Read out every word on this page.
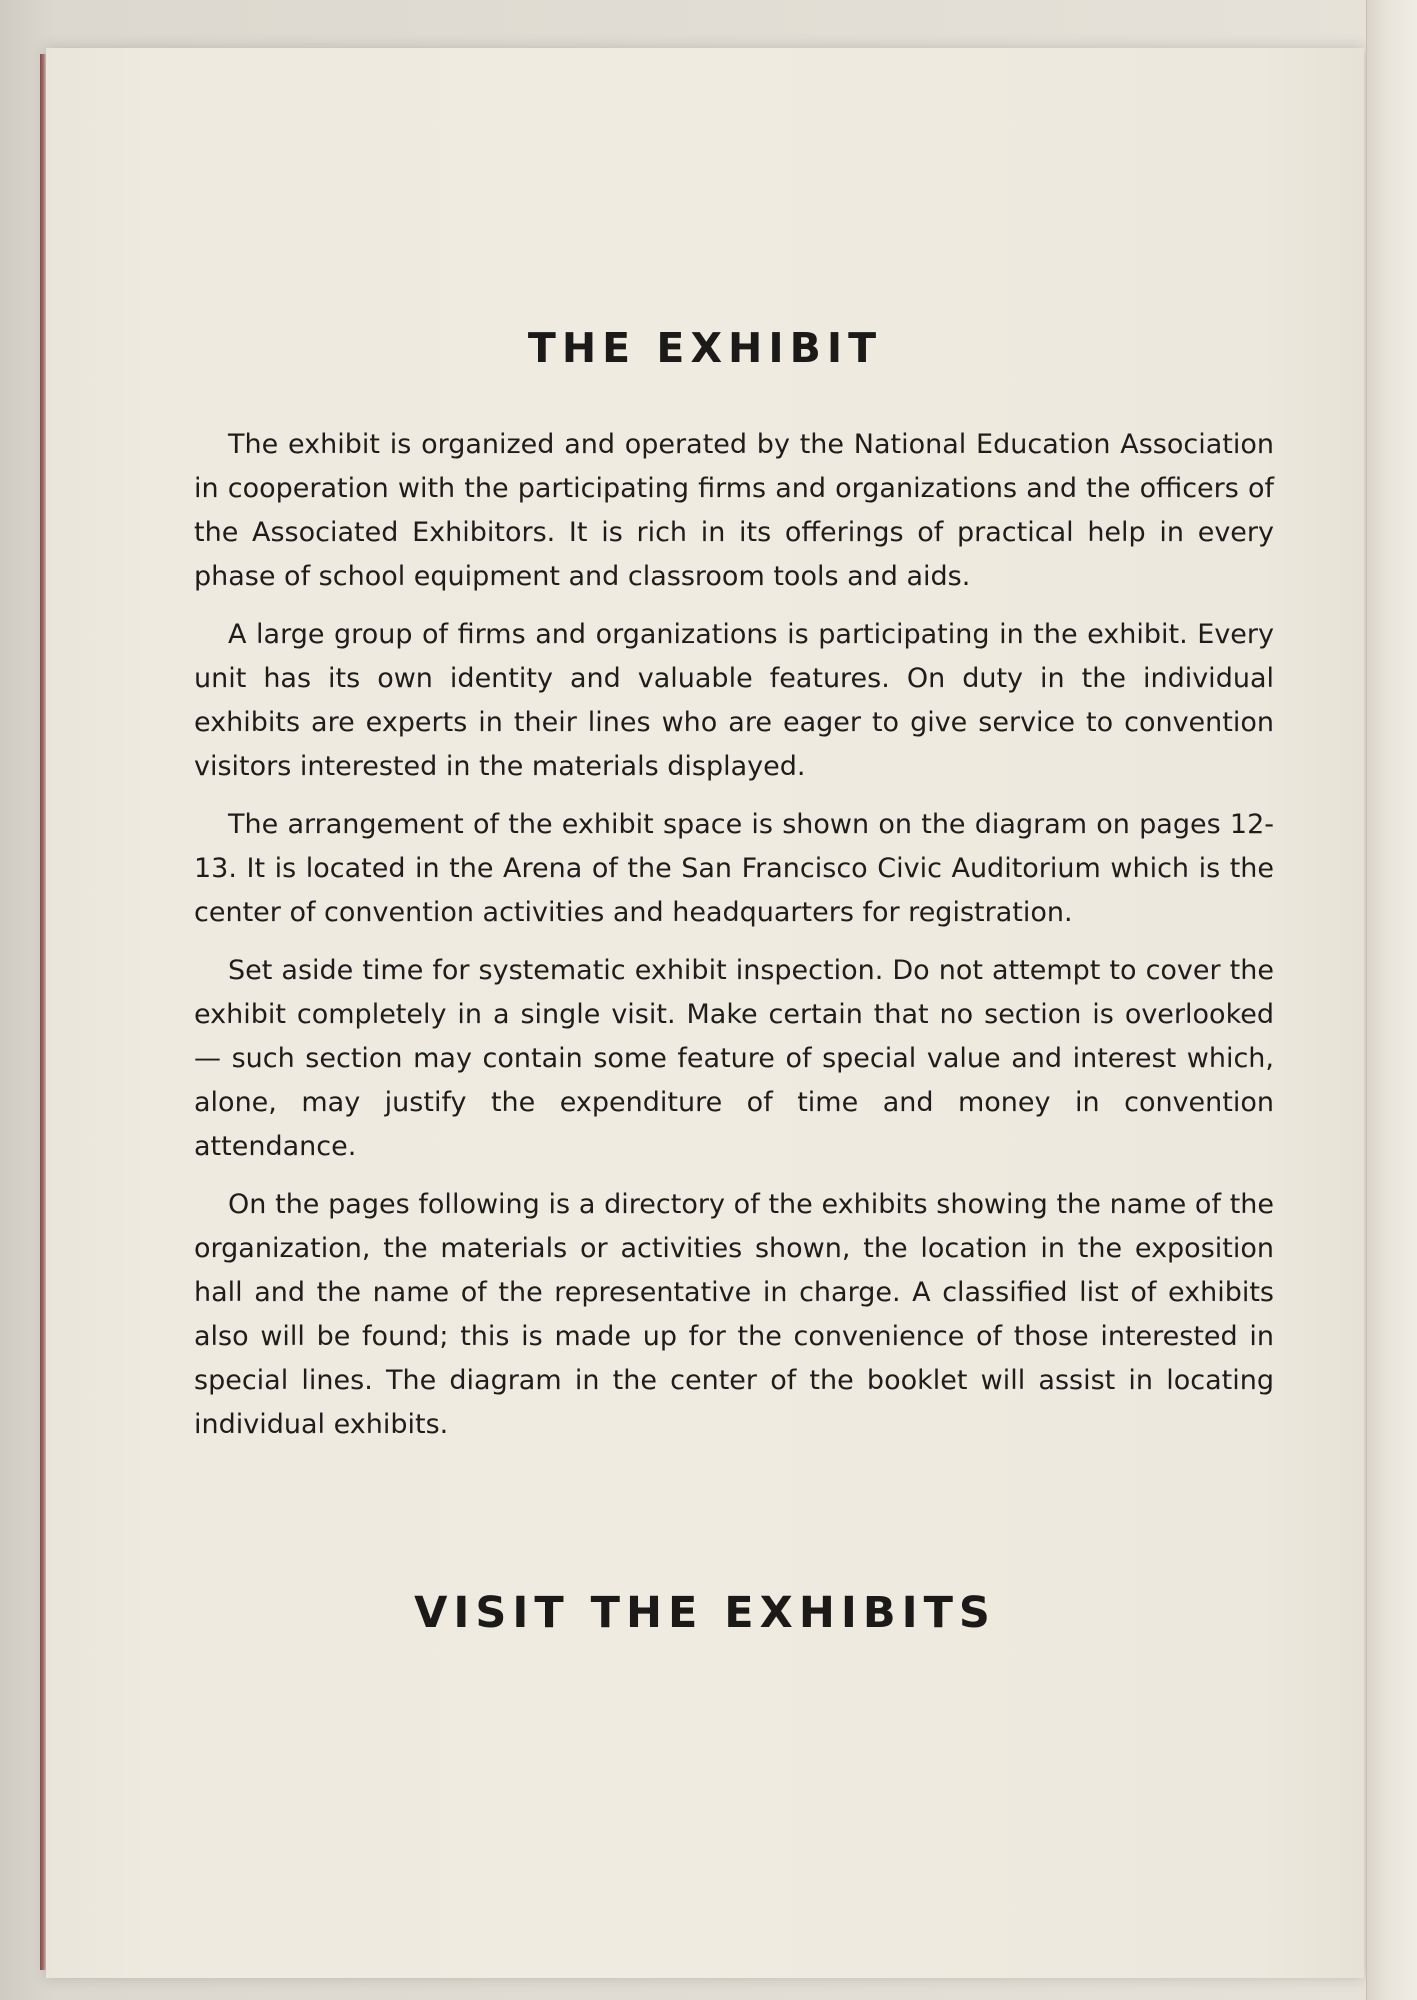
THE EXHIBIT

The exhibit is organized and operated by the National Education Association in cooperation with the participating firms and organizations and the officers of the Associated Exhibitors. It is rich in its offerings of practical help in every phase of school equipment and classroom tools and aids.

A large group of firms and organizations is participating in the exhibit. Every unit has its own identity and valuable features. On duty in the individual exhibits are experts in their lines who are eager to give service to convention visitors interested in the materials displayed.

The arrangement of the exhibit space is shown on the diagram on pages 12-13. It is located in the Arena of the San Francisco Civic Auditorium which is the center of convention activities and headquarters for registration.

Set aside time for systematic exhibit inspection. Do not attempt to cover the exhibit completely in a single visit. Make certain that no section is overlooked — such section may contain some feature of special value and interest which, alone, may justify the expenditure of time and money in convention attendance.

On the pages following is a directory of the exhibits showing the name of the organization, the materials or activities shown, the location in the exposition hall and the name of the representative in charge. A classified list of exhibits also will be found; this is made up for the convenience of those interested in special lines. The diagram in the center of the booklet will assist in locating individual exhibits.

VISIT THE EXHIBITS
